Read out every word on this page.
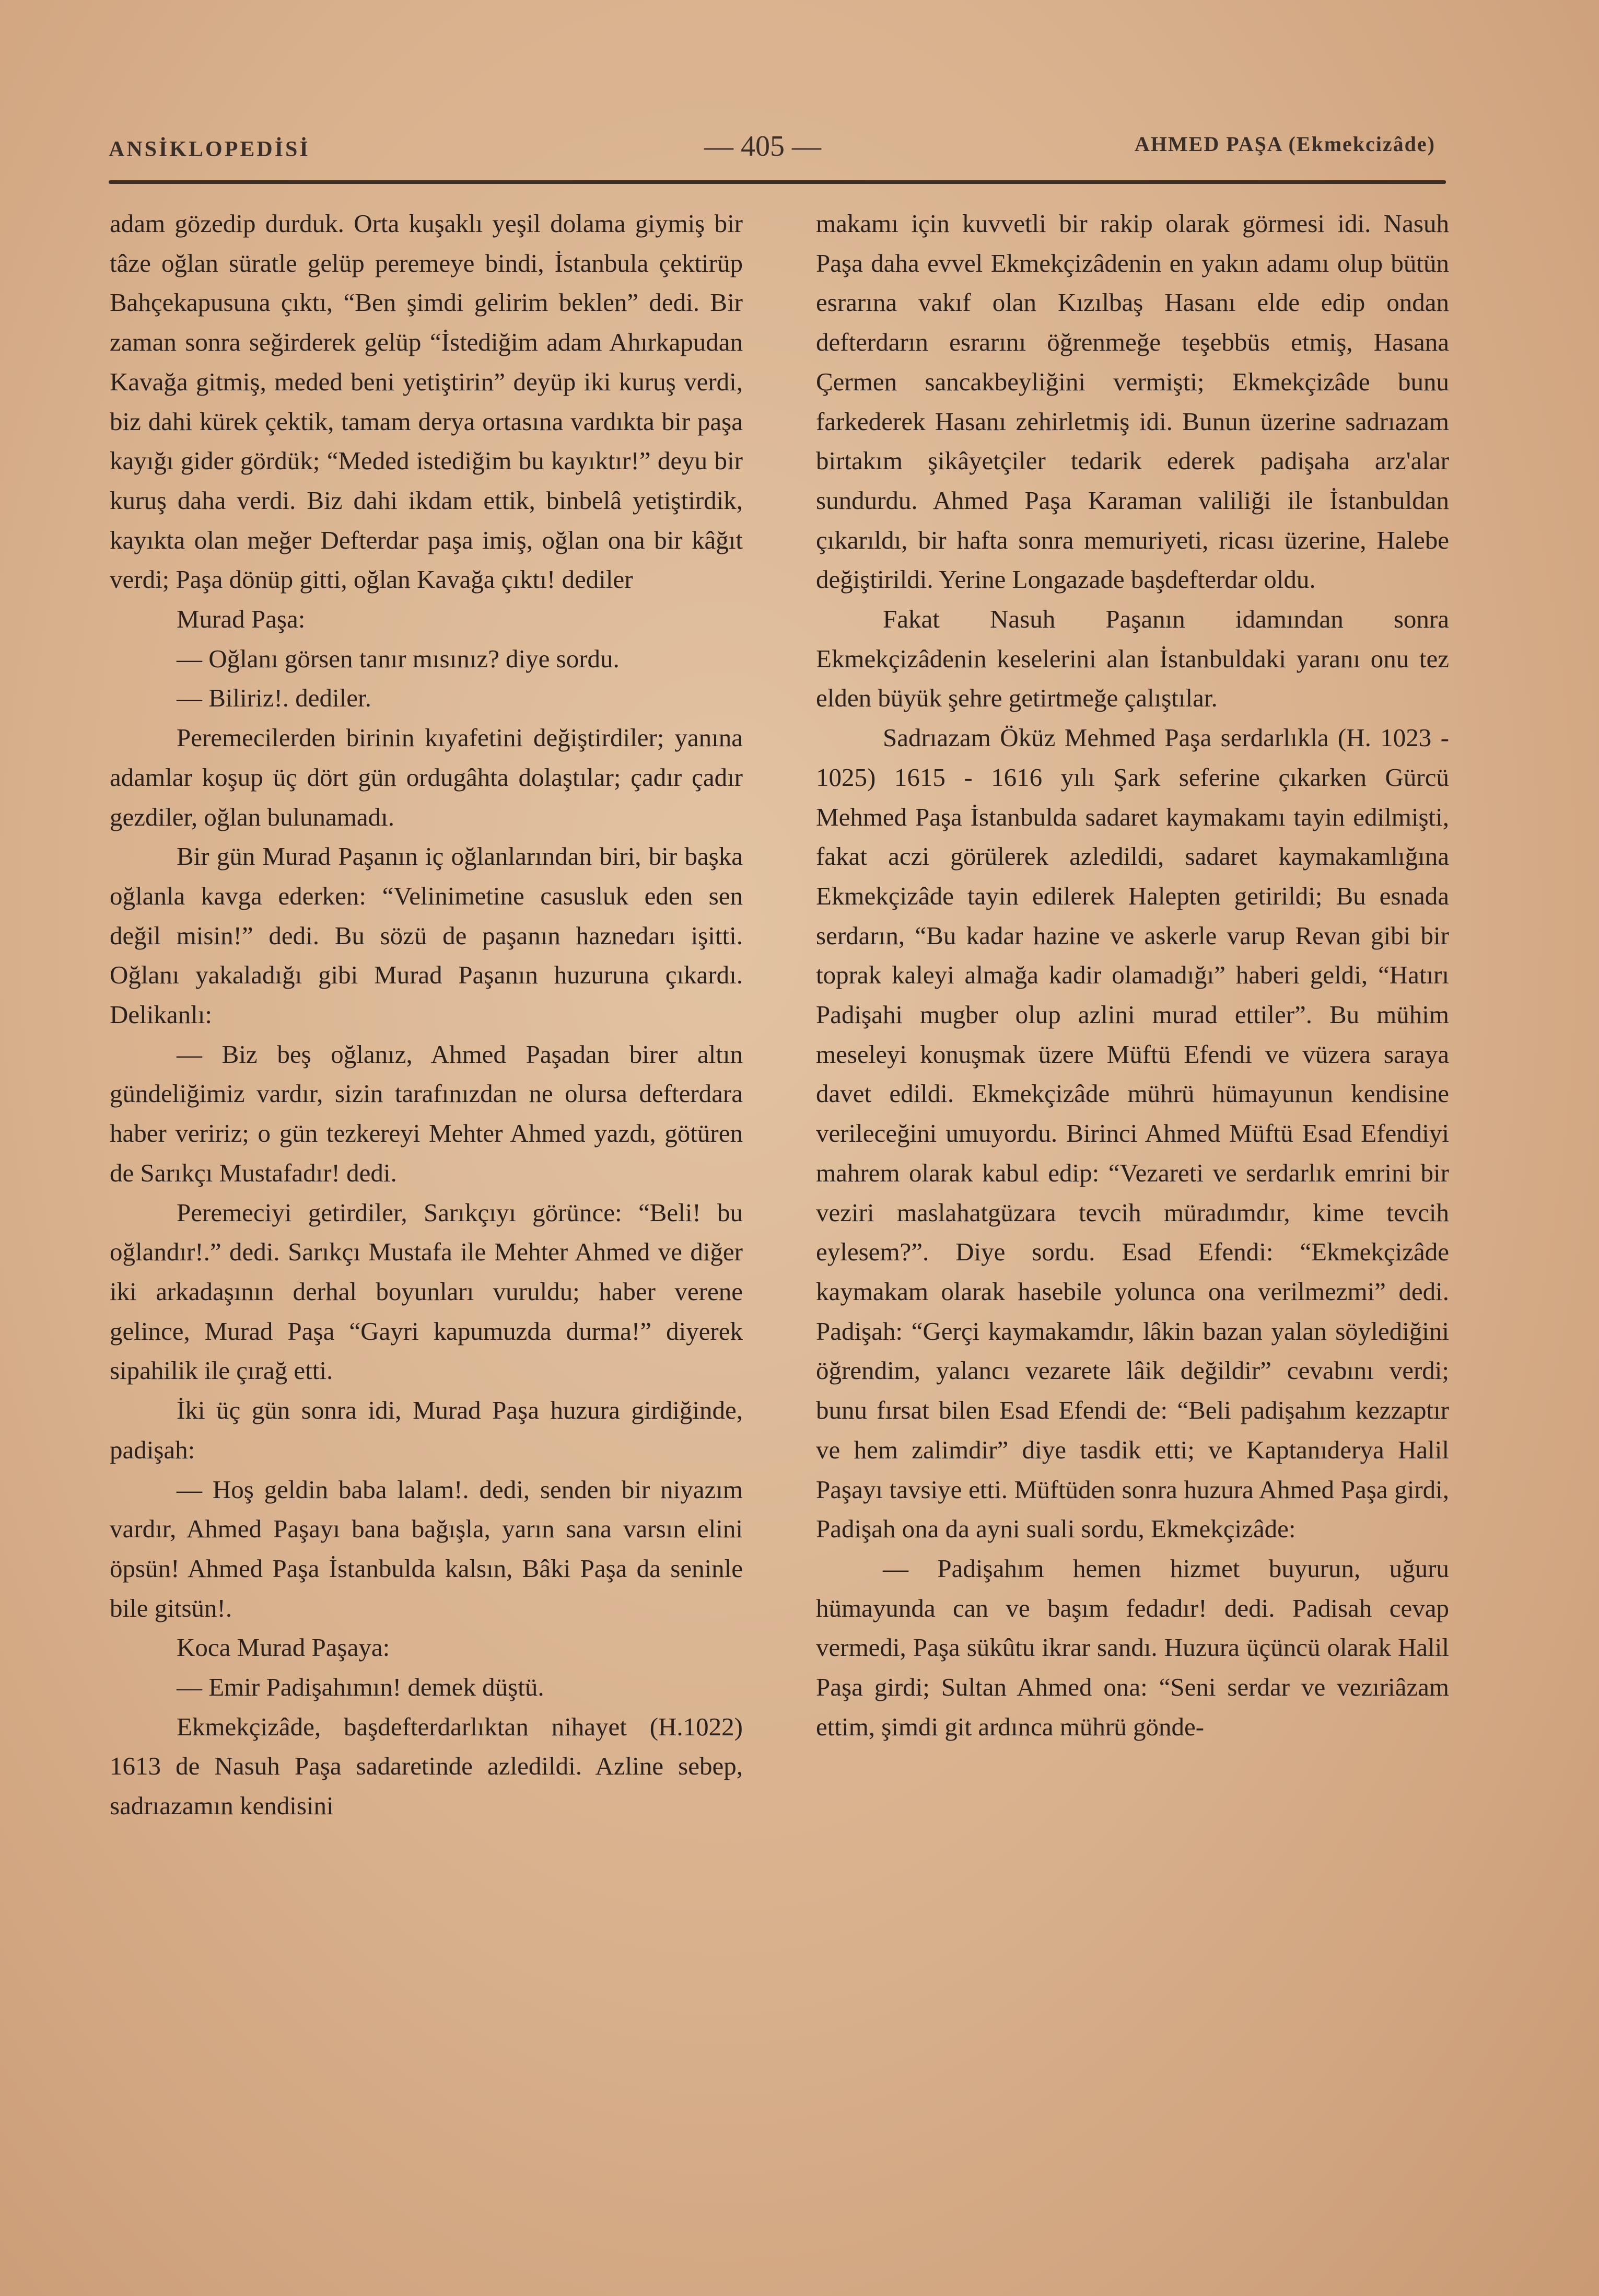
ANSİKLOPEDİSİ	— 405 —	AHMED PAŞA (Ekmekcizâde)

adam gözedip durduk. Orta kuşaklı yeşil dolama giymiş bir tâze oğlan süratle gelüp peremeye bindi, İstanbula çektirüp Bahçekapusuna çıktı, “Ben şimdi gelirim beklen” dedi. Bir zaman sonra seğirderek gelüp “İstediğim adam Ahırkapudan Kavağa gitmiş, meded beni yetiştirin” deyüp iki kuruş verdi, biz dahi kürek çektik, tamam derya ortasına vardıkta bir paşa kayığı gider gördük; “Meded istediğim bu kayıktır!” deyu bir kuruş daha verdi. Biz dahi ikdam ettik, binbelâ yetiştirdik, kayıkta olan meğer Defterdar paşa imiş, oğlan ona bir kâğıt verdi; Paşa dönüp gitti, oğlan Kavağa çıktı! dediler

Murad Paşa:

— Oğlanı görsen tanır mısınız? diye sordu.

— Biliriz!. dediler.

Peremecilerden birinin kıyafetini değiştirdiler; yanına adamlar koşup üç dört gün ordugâhta dolaştılar; çadır çadır gezdiler, oğlan bulunamadı.

Bir gün Murad Paşanın iç oğlanlarından biri, bir başka oğlanla kavga ederken: “Velinimetine casusluk eden sen değil misin!” dedi. Bu sözü de paşanın haznedarı işitti. Oğlanı yakaladığı gibi Murad Paşanın huzuruna çıkardı. Delikanlı:

— Biz beş oğlanız, Ahmed Paşadan birer altın gündeliğimiz vardır, sizin tarafınızdan ne olursa defterdara haber veririz; o gün tezkereyi Mehter Ahmed yazdı, götüren de Sarıkçı Mustafadır! dedi.

Peremeciyi getirdiler, Sarıkçıyı görünce: “Beli! bu oğlandır!.” dedi. Sarıkçı Mustafa ile Mehter Ahmed ve diğer iki arkadaşının derhal boyunları vuruldu; haber verene gelince, Murad Paşa “Gayri kapumuzda durma!” diyerek sipahilik ile çırağ etti.

İki üç gün sonra idi, Murad Paşa huzura girdiğinde, padişah:

— Hoş geldin baba lalam!. dedi, senden bir niyazım vardır, Ahmed Paşayı bana bağışla, yarın sana varsın elini öpsün! Ahmed Paşa İstanbulda kalsın, Bâki Paşa da seninle bile gitsün!.

Koca Murad Paşaya:

— Emir Padişahımın! demek düştü.

Ekmekçizâde, başdefterdarlıktan nihayet (H.1022) 1613 de Nasuh Paşa sadaretinde azledildi. Azline sebep, sadrıazamın kendisini

makamı için kuvvetli bir rakip olarak görmesi idi. Nasuh Paşa daha evvel Ekmekçizâdenin en yakın adamı olup bütün esrarına vakıf olan Kızılbaş Hasanı elde edip ondan defterdarın esrarını öğrenmeğe teşebbüs etmiş, Hasana Çermen sancakbeyliğini vermişti; Ekmekçizâde bunu farkederek Hasanı zehirletmiş idi. Bunun üzerine sadrıazam birtakım şikâyetçiler tedarik ederek padişaha arz'alar sundurdu. Ahmed Paşa Karaman valiliği ile İstanbuldan çıkarıldı, bir hafta sonra memuriyeti, ricası üzerine, Halebe değiştirildi. Yerine Longazade başdefterdar oldu.

Fakat Nasuh Paşanın idamından sonra Ekmekçizâdenin keselerini alan İstanbuldaki yaranı onu tez elden büyük şehre getirtmeğe çalıştılar.

Sadrıazam Öküz Mehmed Paşa serdarlıkla (H. 1023 - 1025) 1615 - 1616 yılı Şark seferine çıkarken Gürcü Mehmed Paşa İstanbulda sadaret kaymakamı tayin edilmişti, fakat aczi görülerek azledildi, sadaret kaymakamlığına Ekmekçizâde tayin edilerek Halepten getirildi; Bu esnada serdarın, “Bu kadar hazine ve askerle varup Revan gibi bir toprak kaleyi almağa kadir olamadığı” haberi geldi, “Hatırı Padişahi mugber olup azlini murad ettiler”. Bu mühim meseleyi konuşmak üzere Müftü Efendi ve vüzera saraya davet edildi. Ekmekçizâde mührü hümayunun kendisine verileceğini umuyordu. Birinci Ahmed Müftü Esad Efendiyi mahrem olarak kabul edip: “Vezareti ve serdarlık emrini bir veziri maslahatgüzara tevcih müradımdır, kime tevcih eylesem?”. Diye sordu. Esad Efendi: “Ekmekçizâde kaymakam olarak hasebile yolunca ona verilmezmi” dedi. Padişah: “Gerçi kaymakamdır, lâkin bazan yalan söylediğini öğrendim, yalancı vezarete lâik değildir” cevabını verdi; bunu fırsat bilen Esad Efendi de: “Beli padişahım kezzaptır ve hem zalimdir” diye tasdik etti; ve Kaptanıderya Halil Paşayı tavsiye etti. Müftüden sonra huzura Ahmed Paşa girdi, Padişah ona da ayni suali sordu, Ekmekçizâde:

— Padişahım hemen hizmet buyurun, uğuru hümayunda can ve başım fedadır! dedi. Padisah cevap vermedi, Paşa sükûtu ikrar sandı. Huzura üçüncü olarak Halil Paşa girdi; Sultan Ahmed ona: “Seni serdar ve vezıriâzam ettim, şimdi git ardınca mührü gönde-
